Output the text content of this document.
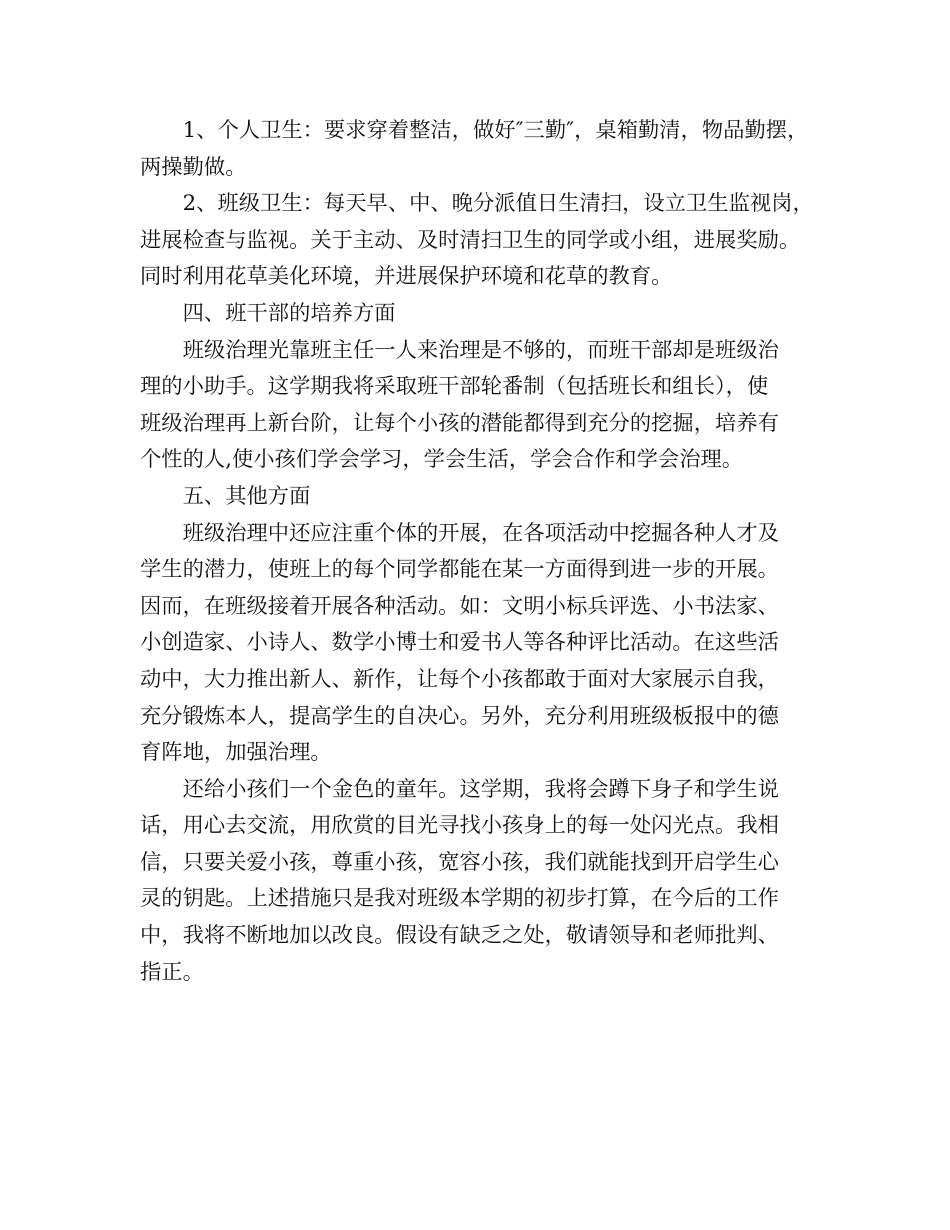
1、个人卫生：要求穿着整洁，做好″三勤″，桌箱勤清，物品勤摆，
两操勤做。

2、班级卫生：每天早、中、晚分派值日生清扫，设立卫生监视岗，
进展检查与监视。关于主动、及时清扫卫生的同学或小组，进展奖励。
同时利用花草美化环境，并进展保护环境和花草的教育。

四、班干部的培养方面

班级治理光靠班主任一人来治理是不够的，而班干部却是班级治
理的小助手。这学期我将采取班干部轮番制（包括班长和组长），使
班级治理再上新台阶，让每个小孩的潜能都得到充分的挖掘，培养有
个性的人,使小孩们学会学习，学会生活，学会合作和学会治理。

五、其他方面

班级治理中还应注重个体的开展，在各项活动中挖掘各种人才及
学生的潜力，使班上的每个同学都能在某一方面得到进一步的开展。
因而，在班级接着开展各种活动。如：文明小标兵评选、小书法家、
小创造家、小诗人、数学小博士和爱书人等各种评比活动。在这些活
动中，大力推出新人、新作，让每个小孩都敢于面对大家展示自我，
充分锻炼本人，提高学生的自决心。另外，充分利用班级板报中的德
育阵地，加强治理。

还给小孩们一个金色的童年。这学期，我将会蹲下身子和学生说
话，用心去交流，用欣赏的目光寻找小孩身上的每一处闪光点。我相
信，只要关爱小孩，尊重小孩，宽容小孩，我们就能找到开启学生心
灵的钥匙。上述措施只是我对班级本学期的初步打算，在今后的工作
中，我将不断地加以改良。假设有缺乏之处，敬请领导和老师批判、
指正。
